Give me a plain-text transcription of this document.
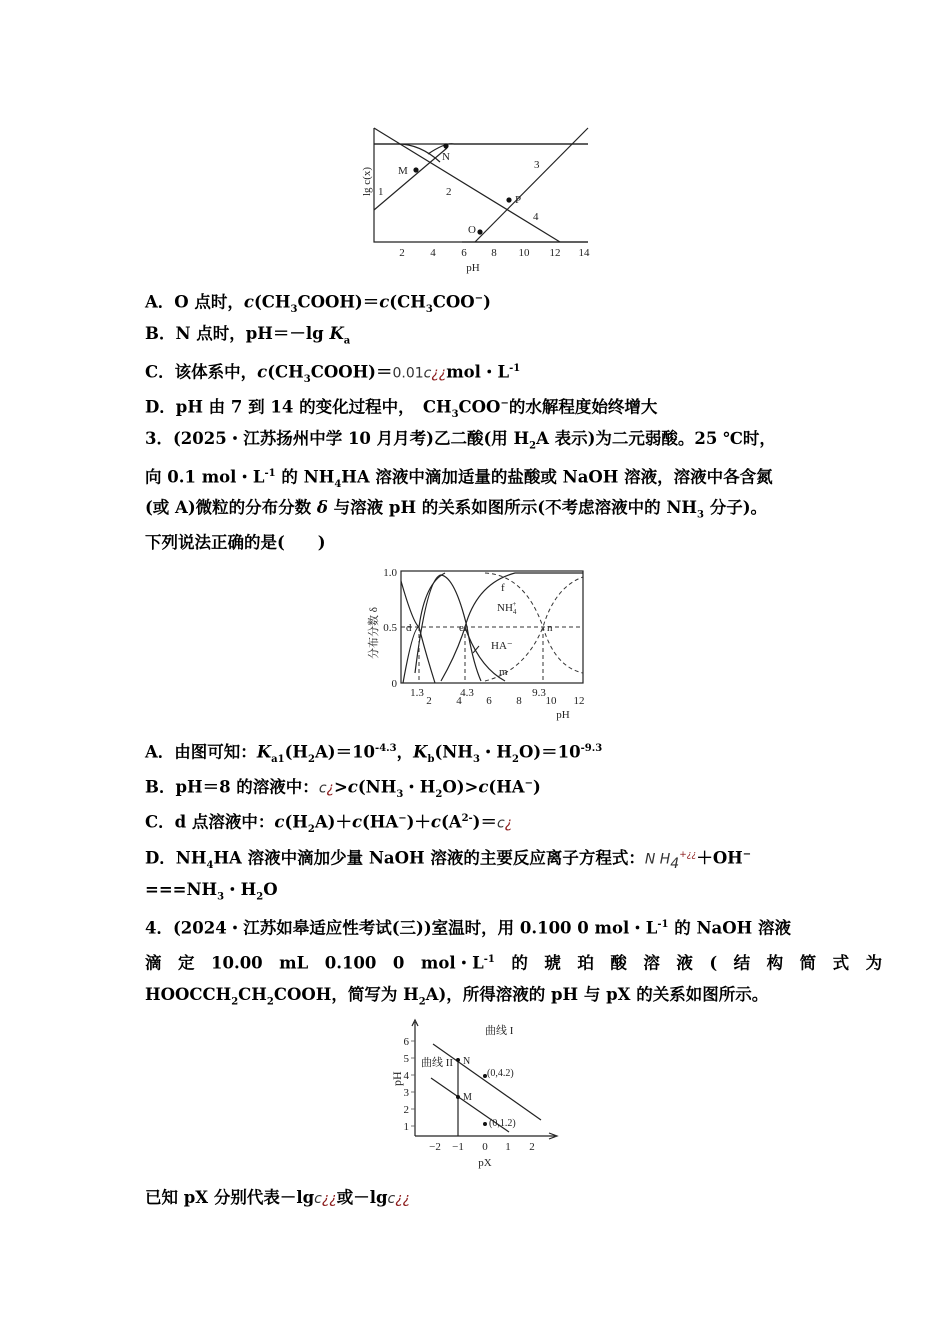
lg c(x) M
N
O
P
1	2
3
4
2 4 6 8 10 12 14
pH
A．O 点时，$c(CH_3COOH)=c(CH_3COO^-)$
B．N 点时，pH＝－lg $K_a$
C．该体系中，$c(CH_3COOH)=0.01c¿¿mol$・$L^{-1}$
D．pH 由 7 到 14 的变化过程中，　$CH_3COO^-$的水解程度始终增大
3．(2025・江苏扬州中学 10 月月考)乙二酸(用 $H_2A$ 表示)为二元弱酸。25 ℃时，
向 0.1 mol・$L^{-1}$ 的 $NH_4HA$ 溶液中滴加适量的盐酸或 NaOH 溶液，溶液中各含氮
(或 A)微粒的分布分数 δ 与溶液 pH 的关系如图所示(不考虑溶液中的 $NH_3$ 分子)。
下列说法正确的是(　　)
分布分数 δ
1.0
0.5
0
d	e	n
f
m
$NH_4+$
HA⁻
1.3	4.3	9.3
2 4 6 8 10 12
pH
A．由图可知：$K_{a1}(H_2A)=10^{-4.3}$，$K_b(NH_3$・$H_2O)=10^{-9.3}$
B．pH＝8 的溶液中：$c¿>c(NH_3$・$H_2O)>c(HA^-)$
C．d 点溶液中：$c(H_2A)+c(HA^-)+c(A^{2-})=c¿$
D．$NH_4HA$ 溶液中滴加少量 NaOH 溶液的主要反应离子方程式：N $H_4^{+¿¿}+OH^-$
$===NH_3$・$H_2O$
4．(2024・江苏如皋适应性考试(三))室温时，用 0.100 0 mol・$L^{-1}$ 的 NaOH 溶液
滴　定　10.00　mL　0.100　0　mol・$L^{-1}$　的　琥　珀　酸　溶　液　(　结　构　简　式　为
$HOOCCH_2CH_2COOH$，简写为 $H_2A$)，所得溶液的 pH 与 pX 的关系如图所示。
pH
1
2
3
4
5
6
−2 −1 0 1 2
pX
曲线 I
曲线 II
(0,4.2)
(0,1.2)
N
M
已知 pX 分别代表－lgc¿¿或－lgc¿¿
